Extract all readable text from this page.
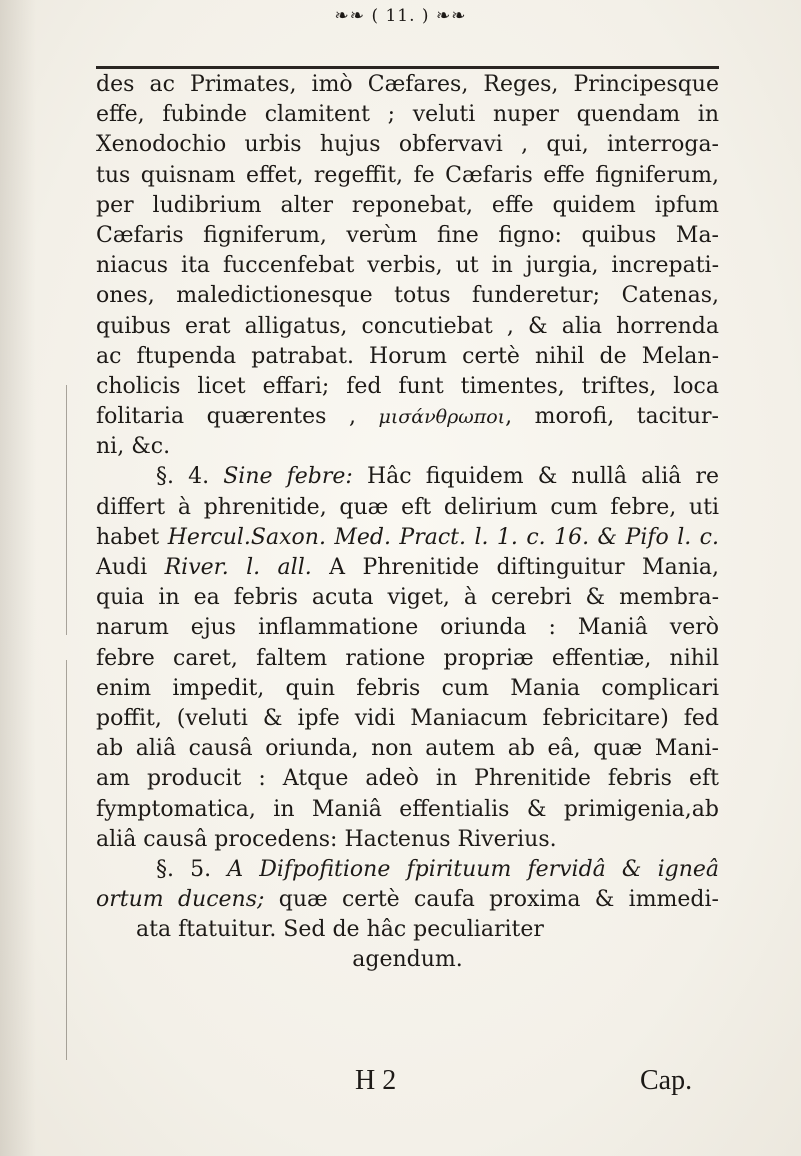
❧❧ ( 11. ) ❧❧
des ac Primates, imò Cæfares, Reges, Principesque
effe, fubinde clamitent ; veluti nuper quendam in
Xenodochio urbis hujus obfervavi , qui, interroga-
tus quisnam effet, regeffit, fe Cæfaris effe figniferum,
per ludibrium alter reponebat, effe quidem ipfum
Cæfaris figniferum, verùm fine figno: quibus Ma-
niacus ita fuccenfebat verbis, ut in jurgia, increpati-
ones, maledictionesque totus funderetur; Catenas,
quibus erat alligatus, concutiebat , & alia horrenda
ac ftupenda patrabat. Horum certè nihil de Melan-
cholicis licet effari; fed funt timentes, triftes, loca
folitaria quærentes , μισάνθρωποι, morofi, tacitur-
ni, &c.
§. 4. Sine febre: Hâc fiquidem & nullâ aliâ re
differt à phrenitide, quæ eft delirium cum febre, uti
habet Hercul.Saxon. Med. Pract. l. 1. c. 16. & Pifo l. c.
Audi River. l. all. A Phrenitide diftinguitur Mania,
quia in ea febris acuta viget, à cerebri & membra-
narum ejus inflammatione oriunda : Maniâ verò
febre caret, faltem ratione propriæ effentiæ, nihil
enim impedit, quin febris cum Mania complicari
poffit, (veluti & ipfe vidi Maniacum febricitare) fed
ab aliâ causâ oriunda, non autem ab eâ, quæ Mani-
am producit : Atque adeò in Phrenitide febris eft
fymptomatica, in Maniâ effentialis & primigenia,ab
aliâ causâ procedens: Hactenus Riverius.
§. 5. A Difpofitione fpirituum fervidâ & igneâ
ortum ducens; quæ certè caufa proxima & immedi-
ata ftatuitur. Sed de hâc peculiariter
agendum.
H 2	Cap.
